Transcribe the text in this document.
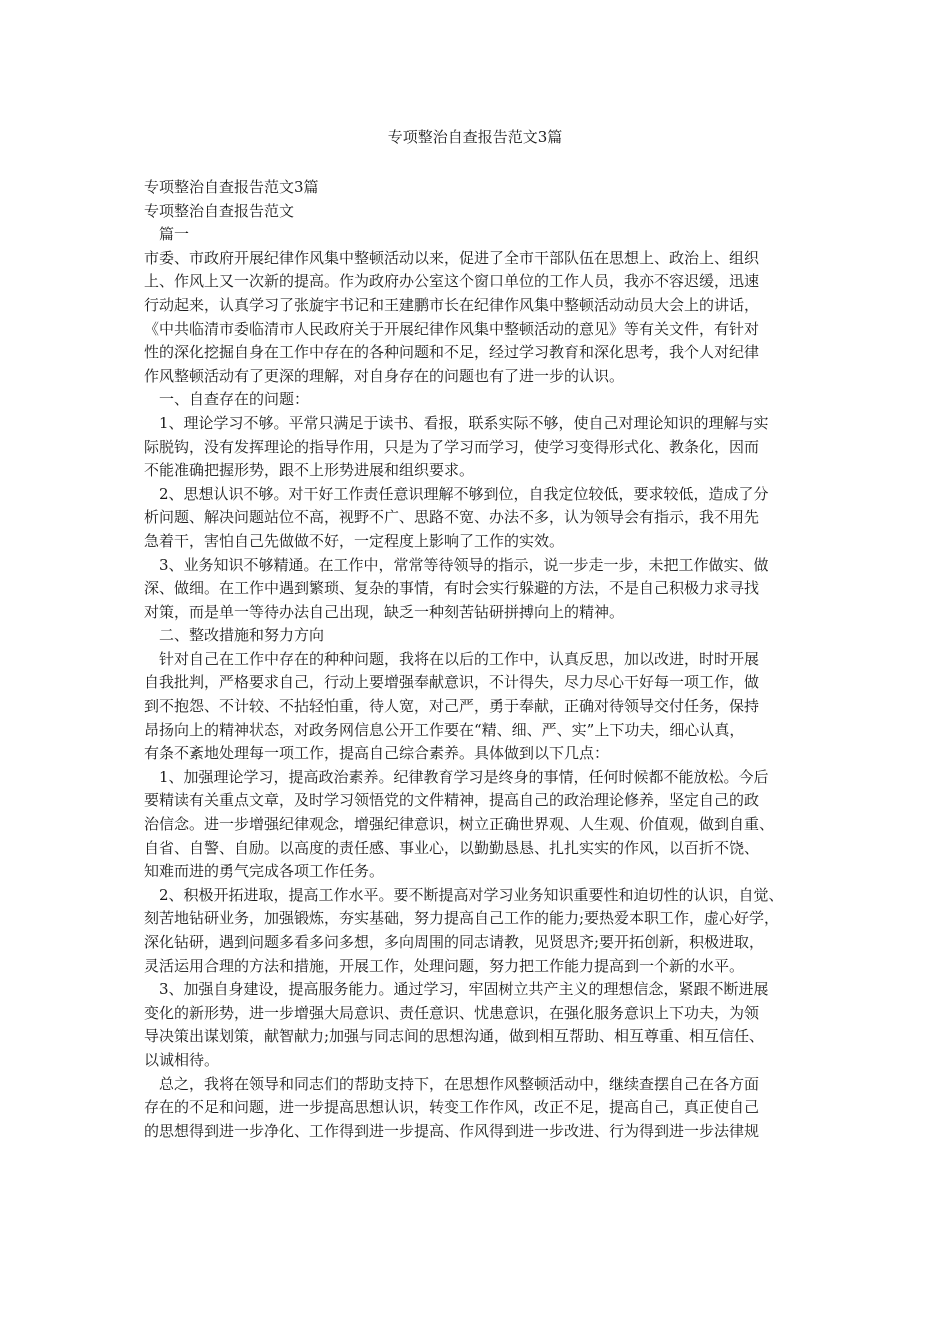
专项整治自查报告范文3篇
专项整治自查报告范文3篇
专项整治自查报告范文
　篇一
市委、市政府开展纪律作风集中整顿活动以来，促进了全市干部队伍在思想上、政治上、组织
上、作风上又一次新的提高。作为政府办公室这个窗口单位的工作人员，我亦不容迟缓，迅速
行动起来，认真学习了张旋宇书记和王建鹏市长在纪律作风集中整顿活动动员大会上的讲话，
《中共临清市委临清市人民政府关于开展纪律作风集中整顿活动的意见》等有关文件，有针对
性的深化挖掘自身在工作中存在的各种问题和不足，经过学习教育和深化思考，我个人对纪律
作风整顿活动有了更深的理解，对自身存在的问题也有了进一步的认识。
　一、自查存在的问题：
　1、理论学习不够。平常只满足于读书、看报，联系实际不够，使自己对理论知识的理解与实
际脱钩，没有发挥理论的指导作用，只是为了学习而学习，使学习变得形式化、教条化，因而
不能准确把握形势，跟不上形势进展和组织要求。
　2、思想认识不够。对干好工作责任意识理解不够到位，自我定位较低，要求较低，造成了分
析问题、解决问题站位不高，视野不广、思路不宽、办法不多，认为领导会有指示，我不用先
急着干，害怕自己先做做不好，一定程度上影响了工作的实效。
　3、业务知识不够精通。在工作中，常常等待领导的指示，说一步走一步，未把工作做实、做
深、做细。在工作中遇到繁琐、复杂的事情，有时会实行躲避的方法，不是自己积极力求寻找
对策，而是单一等待办法自己出现，缺乏一种刻苦钻研拼搏向上的精神。
　二、整改措施和努力方向
　针对自己在工作中存在的种种问题，我将在以后的工作中，认真反思，加以改进，时时开展
自我批判，严格要求自己，行动上要增强奉献意识，不计得失，尽力尽心干好每一项工作，做
到不抱怨、不计较、不拈轻怕重，待人宽，对己严，勇于奉献，正确对待领导交付任务，保持
昂扬向上的精神状态，对政务网信息公开工作要在“精、细、严、实”上下功夫，细心认真，
有条不紊地处理每一项工作，提高自己综合素养。具体做到以下几点：
　1、加强理论学习，提高政治素养。纪律教育学习是终身的事情，任何时候都不能放松。今后
要精读有关重点文章，及时学习领悟党的文件精神，提高自己的政治理论修养，坚定自己的政
治信念。进一步增强纪律观念，增强纪律意识，树立正确世界观、人生观、价值观，做到自重、
自省、自警、自励。以高度的责任感、事业心，以勤勤恳恳、扎扎实实的作风，以百折不饶、
知难而进的勇气完成各项工作任务。
　2、积极开拓进取，提高工作水平。要不断提高对学习业务知识重要性和迫切性的认识，自觉、
刻苦地钻研业务，加强锻炼，夯实基础，努力提高自己工作的能力;要热爱本职工作，虚心好学，
深化钻研，遇到问题多看多问多想，多向周围的同志请教，见贤思齐;要开拓创新，积极进取，
灵活运用合理的方法和措施，开展工作，处理问题，努力把工作能力提高到一个新的水平。
　3、加强自身建设，提高服务能力。通过学习，牢固树立共产主义的理想信念，紧跟不断进展
变化的新形势，进一步增强大局意识、责任意识、忧患意识，在强化服务意识上下功夫，为领
导决策出谋划策，献智献力;加强与同志间的思想沟通，做到相互帮助、相互尊重、相互信任、
以诚相待。
　总之，我将在领导和同志们的帮助支持下，在思想作风整顿活动中，继续查摆自己在各方面
存在的不足和问题，进一步提高思想认识，转变工作作风，改正不足，提高自己，真正使自己
的思想得到进一步净化、工作得到进一步提高、作风得到进一步改进、行为得到进一步法律规
